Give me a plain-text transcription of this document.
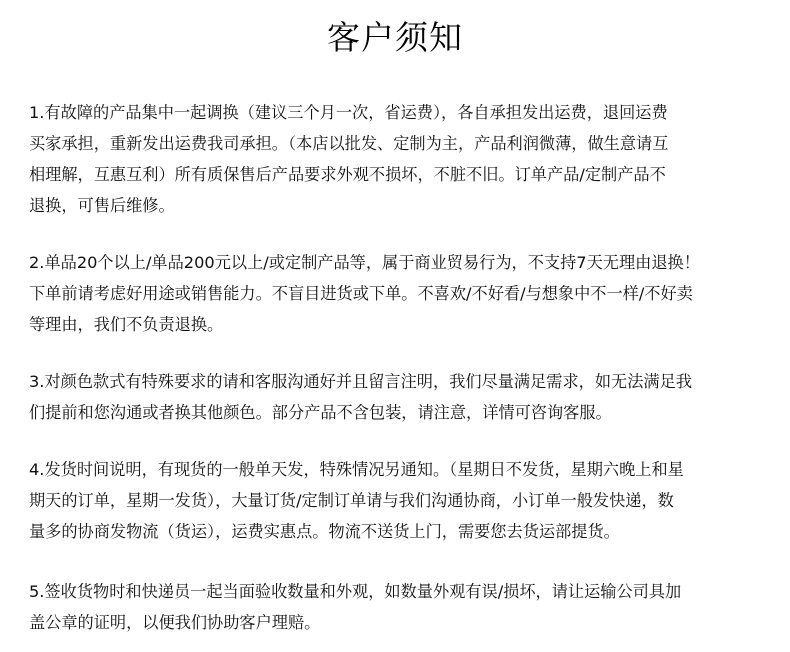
客户须知
1.有故障的产品集中一起调换（建议三个月一次，省运费），各自承担发出运费，退回运费
买家承担，重新发出运费我司承担。（本店以批发、定制为主，产品利润微薄，做生意请互
相理解，互惠互利）所有质保售后产品要求外观不损坏，不脏不旧。订单产品/定制产品不
退换，可售后维修。
2.单品20个以上/单品200元以上/或定制产品等，属于商业贸易行为，不支持7天无理由退换！
下单前请考虑好用途或销售能力。不盲目进货或下单。不喜欢/不好看/与想象中不一样/不好卖
等理由，我们不负责退换。
3.对颜色款式有特殊要求的请和客服沟通好并且留言注明，我们尽量满足需求，如无法满足我
们提前和您沟通或者换其他颜色。部分产品不含包装，请注意，详情可咨询客服。
4.发货时间说明，有现货的一般单天发，特殊情况另通知。（星期日不发货，星期六晚上和星
期天的订单，星期一发货），大量订货/定制订单请与我们沟通协商，小订单一般发快递，数
量多的协商发物流（货运），运费实惠点。物流不送货上门，需要您去货运部提货。
5.签收货物时和快递员一起当面验收数量和外观，如数量外观有误/损坏，请让运输公司具加
盖公章的证明，以便我们协助客户理赔。
